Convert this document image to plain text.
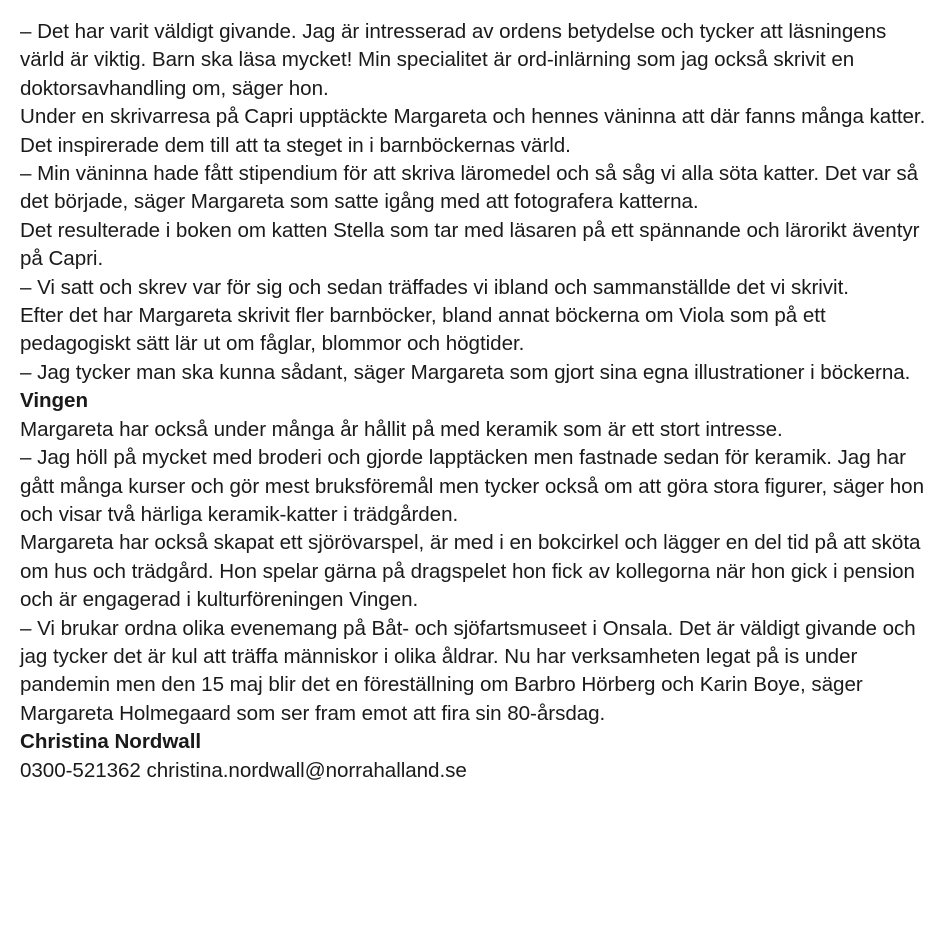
– Det har varit väldigt givande. Jag är intresserad av ordens betydelse och tycker att läsningens värld är viktig. Barn ska läsa mycket! Min specialitet är ord-inlärning som jag också skrivit en doktorsavhandling om, säger hon.

Under en skrivarresa på Capri upptäckte Margareta och hennes väninna att där fanns många katter. Det inspirerade dem till att ta steget in i barnböckernas värld.

– Min väninna hade fått stipendium för att skriva läromedel och så såg vi alla söta katter. Det var så det började, säger Margareta som satte igång med att fotografera katterna.

Det resulterade i boken om katten Stella som tar med läsaren på ett spännande och lärorikt äventyr på Capri.

– Vi satt och skrev var för sig och sedan träffades vi ibland och sammanställde det vi skrivit.

Efter det har Margareta skrivit fler barnböcker, bland annat böckerna om Viola som på ett pedagogiskt sätt lär ut om fåglar, blommor och högtider.

– Jag tycker man ska kunna sådant, säger Margareta som gjort sina egna illustrationer i böckerna.

Vingen

Margareta har också under många år hållit på med keramik som är ett stort intresse.

– Jag höll på mycket med broderi och gjorde lapptäcken men fastnade sedan för keramik. Jag har gått många kurser och gör mest bruksföremål men tycker också om att göra stora figurer, säger hon och visar två härliga keramik-katter i trädgården.

Margareta har också skapat ett sjörövarspel, är med i en bokcirkel och lägger en del tid på att sköta om hus och trädgård. Hon spelar gärna på dragspelet hon fick av kollegorna när hon gick i pension och är engagerad i kulturföreningen Vingen.

– Vi brukar ordna olika evenemang på Båt- och sjöfartsmuseet i Onsala. Det är väldigt givande och jag tycker det är kul att träffa människor i olika åldrar. Nu har verksamheten legat på is under pandemin men den 15 maj blir det en föreställning om Barbro Hörberg och Karin Boye, säger Margareta Holmegaard som ser fram emot att fira sin 80-årsdag.

Christina Nordwall

0300-521362 christina.nordwall@norrahalland.se
